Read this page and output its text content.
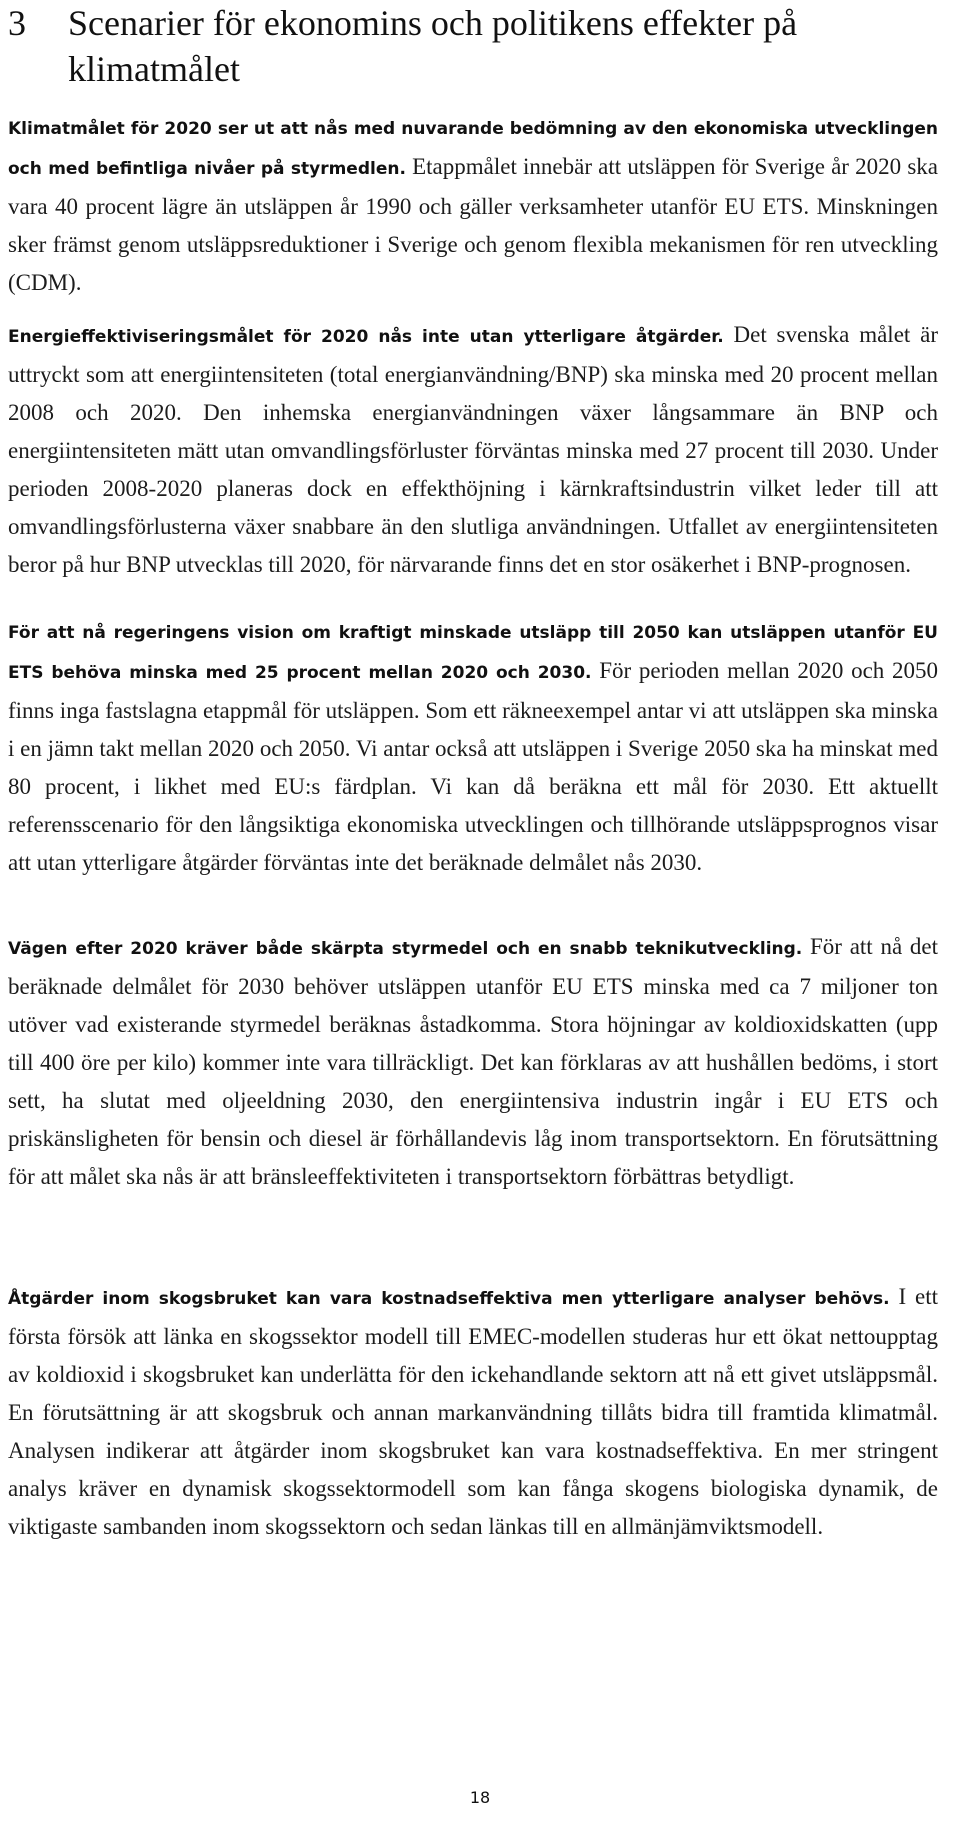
3	Scenarier för ekonomins och politikens effekter på klimatmålet

Klimatmålet för 2020 ser ut att nås med nuvarande bedömning av den ekonomiska utvecklingen och med befintliga nivåer på styrmedlen. Etappmålet innebär att utsläppen för Sverige år 2020 ska vara 40 procent lägre än utsläppen år 1990 och gäller verksamheter utanför EU ETS. Minskningen sker främst genom utsläppsreduktioner i Sverige och genom flexibla mekanismen för ren utveckling (CDM).

Energieffektiviseringsmålet för 2020 nås inte utan ytterligare åtgärder. Det svenska målet är uttryckt som att energiintensiteten (total energianvändning/BNP) ska minska med 20 procent mellan 2008 och 2020. Den inhemska energianvändningen växer långsammare än BNP och energiintensiteten mätt utan omvandlingsförluster förväntas minska med 27 procent till 2030. Under perioden 2008-2020 planeras dock en effekthöjning i kärnkraftsindustrin vilket leder till att omvandlingsförlusterna växer snabbare än den slutliga användningen. Utfallet av energiintensiteten beror på hur BNP utvecklas till 2020, för närvarande finns det en stor osäkerhet i BNP-prognosen.

För att nå regeringens vision om kraftigt minskade utsläpp till 2050 kan utsläppen utanför EU ETS behöva minska med 25 procent mellan 2020 och 2030. För perioden mellan 2020 och 2050 finns inga fastslagna etappmål för utsläppen. Som ett räkneexempel antar vi att utsläppen ska minska i en jämn takt mellan 2020 och 2050. Vi antar också att utsläppen i Sverige 2050 ska ha minskat med 80 procent, i likhet med EU:s färdplan. Vi kan då beräkna ett mål för 2030. Ett aktuellt referensscenario för den långsiktiga ekonomiska utvecklingen och tillhörande utsläppsprognos visar att utan ytterligare åtgärder förväntas inte det beräknade delmålet nås 2030.

Vägen efter 2020 kräver både skärpta styrmedel och en snabb teknikutveckling. För att nå det beräknade delmålet för 2030 behöver utsläppen utanför EU ETS minska med ca 7 miljoner ton utöver vad existerande styrmedel beräknas åstadkomma. Stora höjningar av koldioxidskatten (upp till 400 öre per kilo) kommer inte vara tillräckligt. Det kan förklaras av att hushållen bedöms, i stort sett, ha slutat med oljeeldning 2030, den energiintensiva industrin ingår i EU ETS och priskänsligheten för bensin och diesel är förhållandevis låg inom transportsektorn. En förutsättning för att målet ska nås är att bränsleeffektiviteten i transportsektorn förbättras betydligt.

Åtgärder inom skogsbruket kan vara kostnadseffektiva men ytterligare analyser behövs. I ett första försök att länka en skogssektor modell till EMEC-modellen studeras hur ett ökat nettoupptag av koldioxid i skogsbruket kan underlätta för den ickehandlande sektorn att nå ett givet utsläppsmål. En förutsättning är att skogsbruk och annan markanvändning tillåts bidra till framtida klimatmål. Analysen indikerar att åtgärder inom skogsbruket kan vara kostnadseffektiva. En mer stringent analys kräver en dynamisk skogssektormodell som kan fånga skogens biologiska dynamik, de viktigaste sambanden inom skogssektorn och sedan länkas till en allmänjämviktsmodell.

18
